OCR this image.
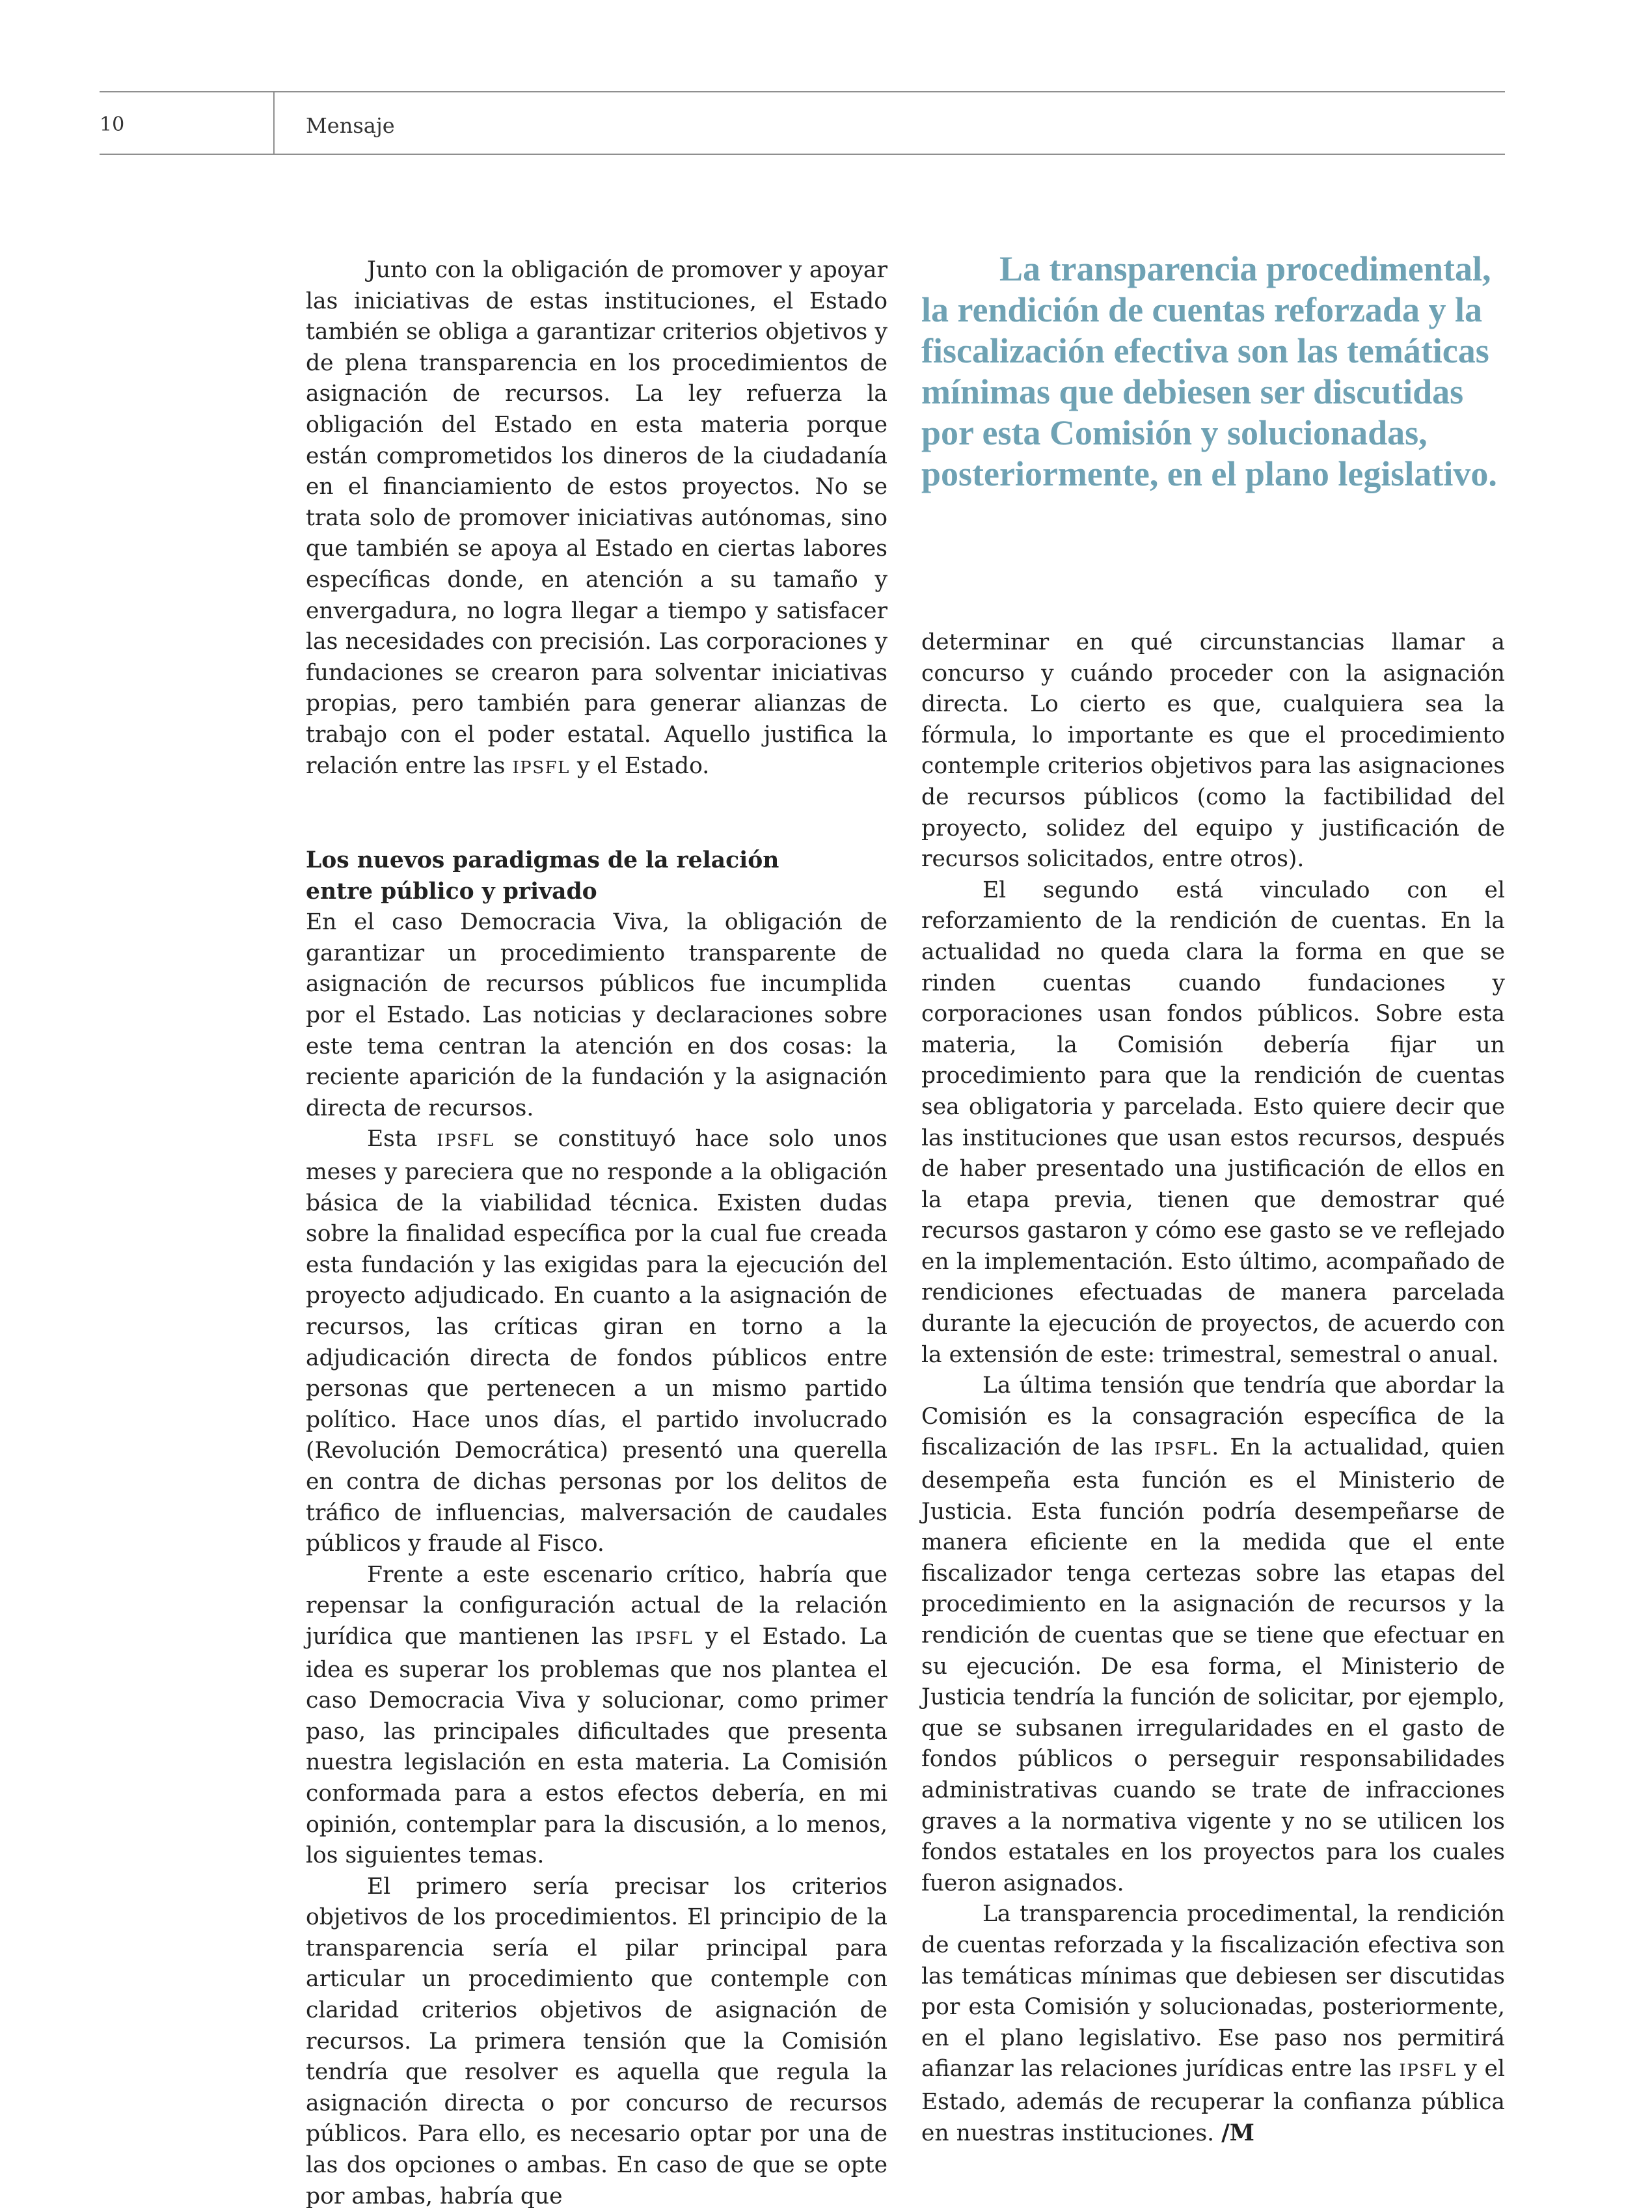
10	Mensaje

Junto con la obligación de promover y apoyar las iniciativas de estas instituciones, el Estado también se obliga a garantizar criterios objetivos y de plena transparencia en los procedimientos de asignación de recursos. La ley refuerza la obligación del Estado en esta materia porque están comprometidos los dineros de la ciudadanía en el financiamiento de estos proyectos. No se trata solo de promover iniciativas autónomas, sino que también se apoya al Estado en ciertas labores específicas donde, en atención a su tamaño y envergadura, no logra llegar a tiempo y satisfacer las necesidades con precisión. Las corporaciones y fundaciones se crearon para solventar iniciativas propias, pero también para generar alianzas de trabajo con el poder estatal. Aquello justifica la relación entre las IPSFL y el Estado.

Los nuevos paradigmas de la relación
entre público y privado

En el caso Democracia Viva, la obligación de garantizar un procedimiento transparente de asignación de recursos públicos fue incumplida por el Estado. Las noticias y declaraciones sobre este tema centran la atención en dos cosas: la reciente aparición de la fundación y la asignación directa de recursos.

Esta IPSFL se constituyó hace solo unos meses y pareciera que no responde a la obligación básica de la viabilidad técnica. Existen dudas sobre la finalidad específica por la cual fue creada esta fundación y las exigidas para la ejecución del proyecto adjudicado. En cuanto a la asignación de recursos, las críticas giran en torno a la adjudicación directa de fondos públicos entre personas que pertenecen a un mismo partido político. Hace unos días, el partido involucrado (Revolución Democrática) presentó una querella en contra de dichas personas por los delitos de tráfico de influencias, malversación de caudales públicos y fraude al Fisco.

Frente a este escenario crítico, habría que repensar la configuración actual de la relación jurídica que mantienen las IPSFL y el Estado. La idea es superar los problemas que nos plantea el caso Democracia Viva y solucionar, como primer paso, las principales dificultades que presenta nuestra legislación en esta materia. La Comisión conformada para a estos efectos debería, en mi opinión, contemplar para la discusión, a lo menos, los siguientes temas.

El primero sería precisar los criterios objetivos de los procedimientos. El principio de la transparencia sería el pilar principal para articular un procedimiento que contemple con claridad criterios objetivos de asignación de recursos. La primera tensión que la Comisión tendría que resolver es aquella que regula la asignación directa o por concurso de recursos públicos. Para ello, es necesario optar por una de las dos opciones o ambas. En caso de que se opte por ambas, habría que

La transparencia procedimental, la rendición de cuentas reforzada y la fiscalización efectiva son las temáticas mínimas que debiesen ser discutidas por esta Comisión y solucionadas, posteriormente, en el plano legislativo.

determinar en qué circunstancias llamar a concurso y cuándo proceder con la asignación directa. Lo cierto es que, cualquiera sea la fórmula, lo importante es que el procedimiento contemple criterios objetivos para las asignaciones de recursos públicos (como la factibilidad del proyecto, solidez del equipo y justificación de recursos solicitados, entre otros).

El segundo está vinculado con el reforzamiento de la rendición de cuentas. En la actualidad no queda clara la forma en que se rinden cuentas cuando fundaciones y corporaciones usan fondos públicos. Sobre esta materia, la Comisión debería fijar un procedimiento para que la rendición de cuentas sea obligatoria y parcelada. Esto quiere decir que las instituciones que usan estos recursos, después de haber presentado una justificación de ellos en la etapa previa, tienen que demostrar qué recursos gastaron y cómo ese gasto se ve reflejado en la implementación. Esto último, acompañado de rendiciones efectuadas de manera parcelada durante la ejecución de proyectos, de acuerdo con la extensión de este: trimestral, semestral o anual.

La última tensión que tendría que abordar la Comisión es la consagración específica de la fiscalización de las IPSFL. En la actualidad, quien desempeña esta función es el Ministerio de Justicia. Esta función podría desempeñarse de manera eficiente en la medida que el ente fiscalizador tenga certezas sobre las etapas del procedimiento en la asignación de recursos y la rendición de cuentas que se tiene que efectuar en su ejecución. De esa forma, el Ministerio de Justicia tendría la función de solicitar, por ejemplo, que se subsanen irregularidades en el gasto de fondos públicos o perseguir responsabilidades administrativas cuando se trate de infracciones graves a la normativa vigente y no se utilicen los fondos estatales en los proyectos para los cuales fueron asignados.

La transparencia procedimental, la rendición de cuentas reforzada y la fiscalización efectiva son las temáticas mínimas que debiesen ser discutidas por esta Comisión y solucionadas, posteriormente, en el plano legislativo. Ese paso nos permitirá afianzar las relaciones jurídicas entre las IPSFL y el Estado, además de recuperar la confianza pública en nuestras instituciones. /M
